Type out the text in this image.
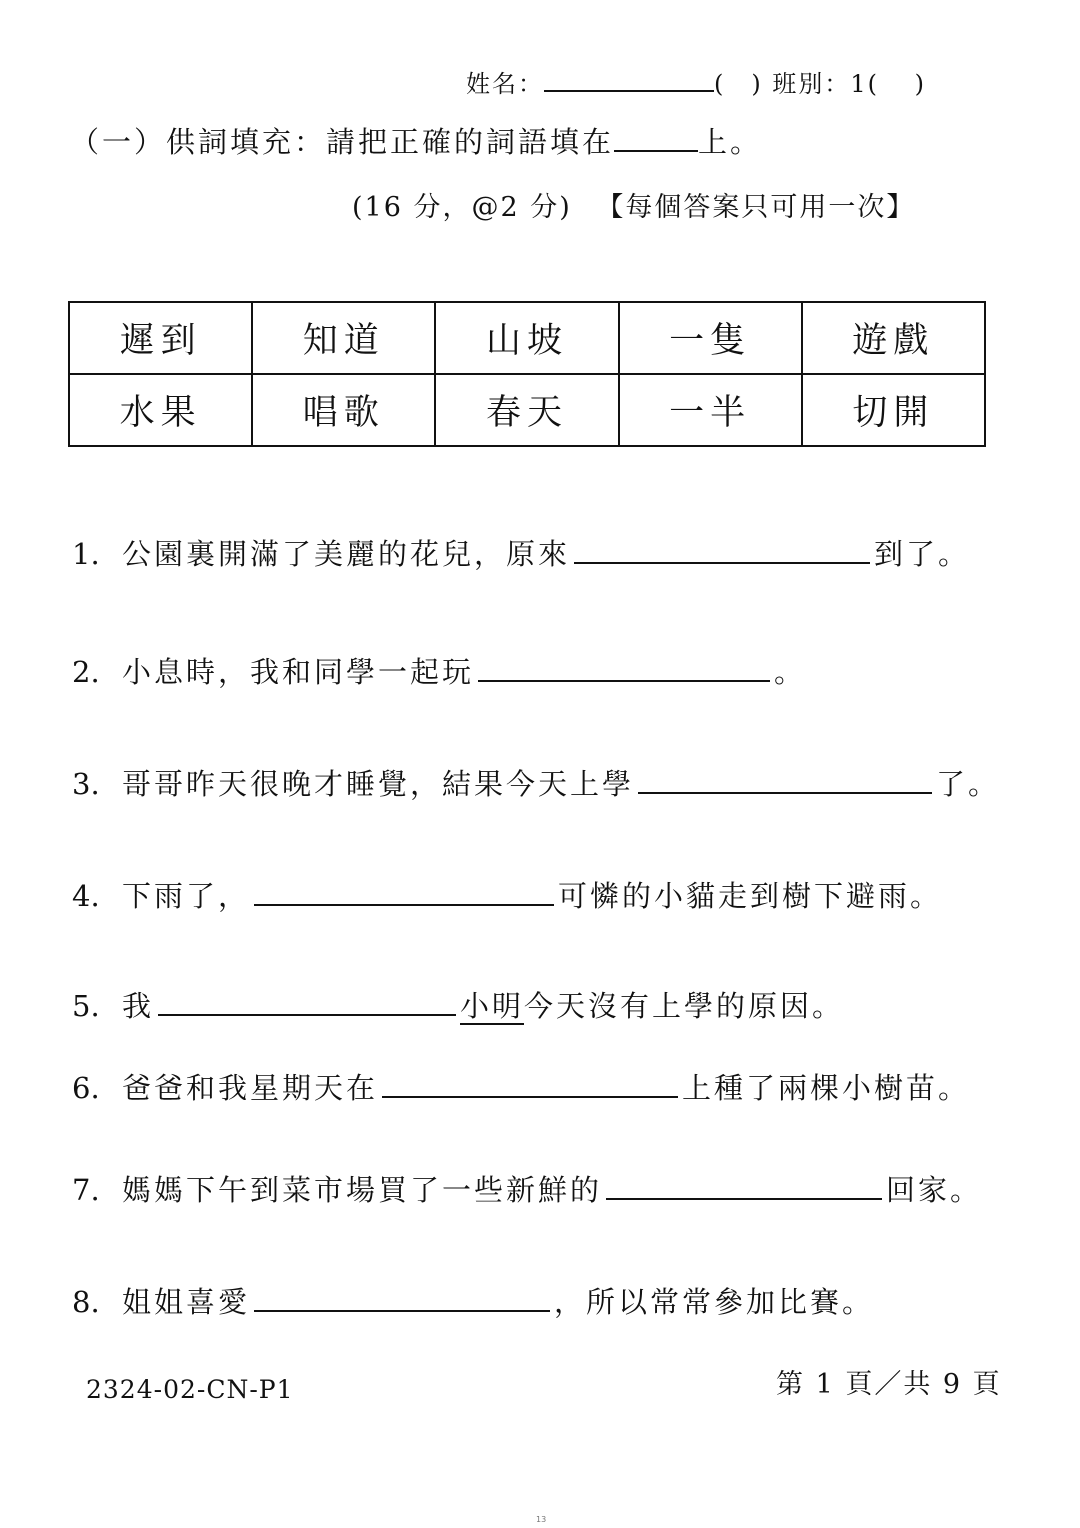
姓名：	(　) 班別：1(　 )
（一）供詞填充：請把正確的詞語填在	上。
(16 分，@2 分) 【每個答案只可用一次】
遲到	知道	山坡	一隻	遊戲
水果	唱歌	春天	一半	切開
1. 公園裏開滿了美麗的花兒，原來	到了。
2. 小息時，我和同學一起玩	。
3. 哥哥昨天很晚才睡覺，結果今天上學	了。
4. 下雨了，	可憐的小貓走到樹下避雨。
5. 我	小明今天沒有上學的原因。
6. 爸爸和我星期天在	上種了兩棵小樹苗。
7. 媽媽下午到菜市場買了一些新鮮的	回家。
8. 姐姐喜愛	，所以常常參加比賽。
2324-02-CN-P1	第 1 頁／共 9 頁
13
